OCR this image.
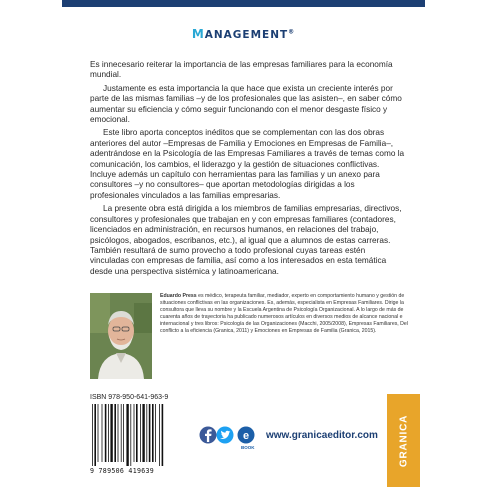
MANAGEMENT®

Es innecesario reiterar la importancia de las empresas familiares para la economía mundial.

Justamente es esta importancia la que hace que exista un creciente interés por parte de las mismas familias –y de los profesionales que las asisten–, en saber cómo aumentar su eficiencia y cómo seguir funcionando con el menor desgaste físico y emocional.

Este libro aporta conceptos inéditos que se complementan con las dos obras anteriores del autor –Empresas de Familia y Emociones en Empresas de Familia–, adentrándose en la Psicología de las Empresas Familiares a través de temas como la comunicación, los cambios, el liderazgo y la gestión de situaciones conflictivas. Incluye además un capítulo con herramientas para las familias y un anexo para consultores –y no consultores– que aportan metodologías dirigidas a los profesionales vinculados a las familias empresarias.

La presente obra está dirigida a los miembros de familias empresarias, directivos, consultores y profesionales que trabajan en y con empresas familiares (contadores, licenciados en administración, en recursos humanos, en relaciones del trabajo, psicólogos, abogados, escribanos, etc.), al igual que a alumnos de estas carreras. También resultará de sumo provecho a todo profesional cuyas tareas estén vinculadas con empresas de familia, así como a los interesados en esta temática desde una perspectiva sistémica y latinoamericana.

Eduardo Press es médico, terapeuta familiar, mediador, experto en comportamiento humano y gestión de situaciones conflictivas en las organizaciones. Es, además, especialista en Empresas Familiares. Dirige la consultora que lleva su nombre y la Escuela Argentina de Psicología Organizacional. A lo largo de más de cuarenta años de trayectoria ha publicado numerosos artículos en diversos medios de alcance nacional e internacional y tres libros: Psicología de las Organizaciones (Macchi, 2005/2008), Empresas Familiares, Del conflicto a la eficiencia (Granica, 2011) y Emociones en Empresas de Familia (Granica, 2015).
ISBN 978-950-641-963-9
9 789506 419639
e
BOOK
www.granicaeditor.com GRANICA
